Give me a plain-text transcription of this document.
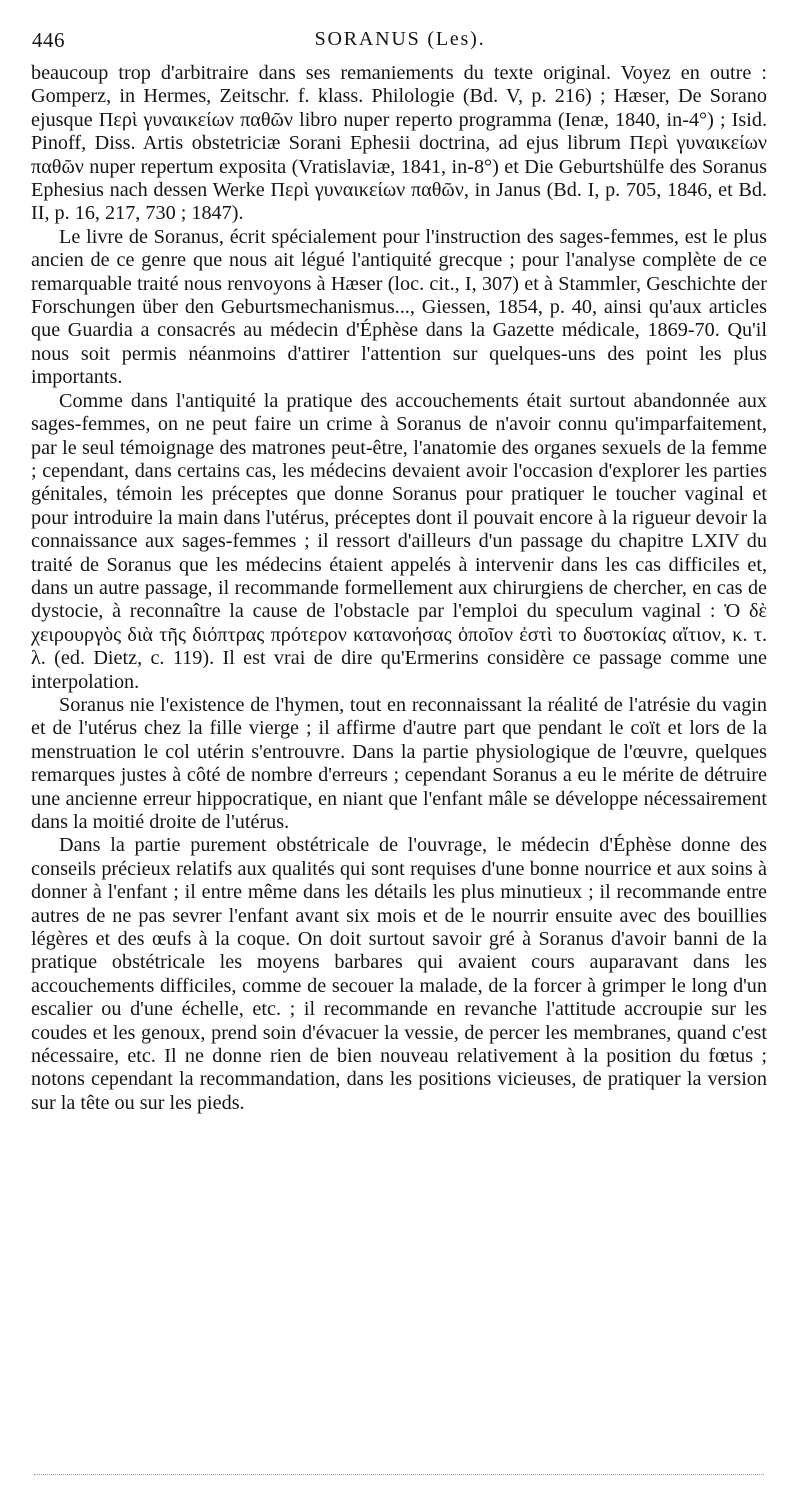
446	SORANUS (Les).

beaucoup trop d'arbitraire dans ses remaniements du texte original. Voyez en outre : Gomperz, in Hermes, Zeitschr. f. klass. Philologie (Bd. V, p. 216) ; Hæser, De Sorano ejusque Περὶ γυναικείων παθῶν libro nuper reperto programma (Ienæ, 1840, in-4°) ; Isid. Pinoff, Diss. Artis obstetriciæ Sorani Ephesii doctrina, ad ejus librum Περὶ γυναικείων παθῶν nuper repertum exposita (Vratislaviæ, 1841, in-8°) et Die Geburtshülfe des Soranus Ephesius nach dessen Werke Περὶ γυναικείων παθῶν, in Janus (Bd. I, p. 705, 1846, et Bd. II, p. 16, 217, 730 ; 1847).

Le livre de Soranus, écrit spécialement pour l'instruction des sages-femmes, est le plus ancien de ce genre que nous ait légué l'antiquité grecque ; pour l'analyse complète de ce remarquable traité nous renvoyons à Hæser (loc. cit., I, 307) et à Stammler, Geschichte der Forschungen über den Geburtsmechanismus..., Giessen, 1854, p. 40, ainsi qu'aux articles que Guardia a consacrés au médecin d'Éphèse dans la Gazette médicale, 1869-70. Qu'il nous soit permis néanmoins d'attirer l'attention sur quelques-uns des point les plus importants.

Comme dans l'antiquité la pratique des accouchements était surtout abandonnée aux sages-femmes, on ne peut faire un crime à Soranus de n'avoir connu qu'imparfaitement, par le seul témoignage des matrones peut-être, l'anatomie des organes sexuels de la femme ; cependant, dans certains cas, les médecins devaient avoir l'occasion d'explorer les parties génitales, témoin les préceptes que donne Soranus pour pratiquer le toucher vaginal et pour introduire la main dans l'utérus, préceptes dont il pouvait encore à la rigueur devoir la connaissance aux sages-femmes ; il ressort d'ailleurs d'un passage du chapitre LXIV du traité de Soranus que les médecins étaient appelés à intervenir dans les cas difficiles et, dans un autre passage, il recommande formellement aux chirurgiens de chercher, en cas de dystocie, à reconnaître la cause de l'obstacle par l'emploi du speculum vaginal : Ὁ δὲ χειρουργὸς διὰ τῆς διόπτρας πρότερον κατανοήσας ὁποῖον ἐστὶ το δυστοκίας αἴτιον, κ. τ. λ. (ed. Dietz, c. 119). Il est vrai de dire qu'Ermerins considère ce passage comme une interpolation.

Soranus nie l'existence de l'hymen, tout en reconnaissant la réalité de l'atrésie du vagin et de l'utérus chez la fille vierge ; il affirme d'autre part que pendant le coït et lors de la menstruation le col utérin s'entrouvre. Dans la partie physiologique de l'œuvre, quelques remarques justes à côté de nombre d'erreurs ; cependant Soranus a eu le mérite de détruire une ancienne erreur hippocratique, en niant que l'enfant mâle se développe nécessairement dans la moitié droite de l'utérus.

Dans la partie purement obstétricale de l'ouvrage, le médecin d'Éphèse donne des conseils précieux relatifs aux qualités qui sont requises d'une bonne nourrice et aux soins à donner à l'enfant ; il entre même dans les détails les plus minutieux ; il recommande entre autres de ne pas sevrer l'enfant avant six mois et de le nourrir ensuite avec des bouillies légères et des œufs à la coque. On doit surtout savoir gré à Soranus d'avoir banni de la pratique obstétricale les moyens barbares qui avaient cours auparavant dans les accouchements difficiles, comme de secouer la malade, de la forcer à grimper le long d'un escalier ou d'une échelle, etc. ; il recommande en revanche l'attitude accroupie sur les coudes et les genoux, prend soin d'évacuer la vessie, de percer les membranes, quand c'est nécessaire, etc. Il ne donne rien de bien nouveau relativement à la position du fœtus ; notons cependant la recommandation, dans les positions vicieuses, de pratiquer la version sur la tête ou sur les pieds.
